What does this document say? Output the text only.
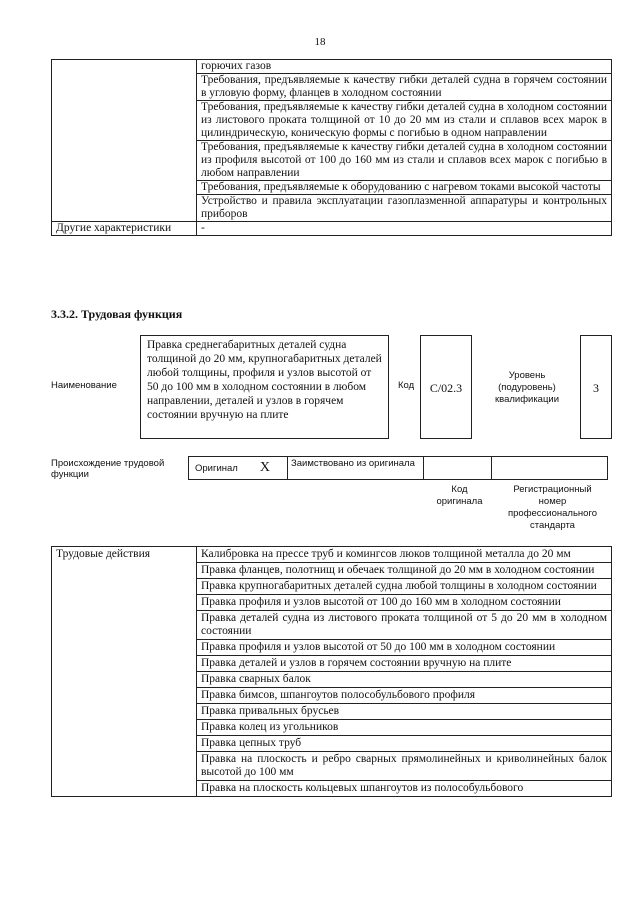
18
	горючих газов
	Требования, предъявляемые к качеству гибки деталей судна в горячем состоянии в угловую форму, фланцев в холодном состоянии
	Требования, предъявляемые к качеству гибки деталей судна в холодном состоянии из листового проката толщиной от 10 до 20 мм из стали и сплавов всех марок в цилиндрическую, коническую формы с погибью в одном направлении
	Требования, предъявляемые к качеству гибки деталей судна в холодном состоянии из профиля высотой от 100 до 160 мм из стали и сплавов всех марок с погибью в любом направлении
	Требования, предъявляемые к оборудованию с нагревом токами высокой частоты
	Устройство и правила эксплуатации газоплазменной аппаратуры и контрольных приборов
Другие характеристики	-
3.3.2. Трудовая функция
Наименование
Правка среднегабаритных деталей судна толщиной до 20 мм, крупногабаритных деталей любой толщины, профиля и узлов высотой от 50 до 100 мм в холодном состоянии в любом направлении, деталей и узлов в горячем состоянии вручную на плите
Код	C/02.3
Уровень
(подуровень)
квалификации
3
Происхождение трудовой функции
Оригинал X	Заимствовано из оригинала
Код
оригинала
Регистрационный
номер
профессионального
стандарта
Трудовые действия	Калибровка на прессе труб и комингсов люков толщиной металла до 20 мм
Правка фланцев, полотнищ и обечаек толщиной до 20 мм в холодном состоянии
Правка крупногабаритных деталей судна любой толщины в холодном состоянии
Правка профиля и узлов высотой от 100 до 160 мм в холодном состоянии
Правка деталей судна из листового проката толщиной от 5 до 20 мм в холодном состоянии
Правка профиля и узлов высотой от 50 до 100 мм в холодном состоянии
Правка деталей и узлов в горячем состоянии вручную на плите
Правка сварных балок
Правка бимсов, шпангоутов полособульбового профиля
Правка привальных брусьев
Правка колец из угольников
Правка цепных труб
Правка на плоскость и ребро сварных прямолинейных и криволинейных балок высотой до 100 мм
Правка на плоскость кольцевых шпангоутов из полособульбового
